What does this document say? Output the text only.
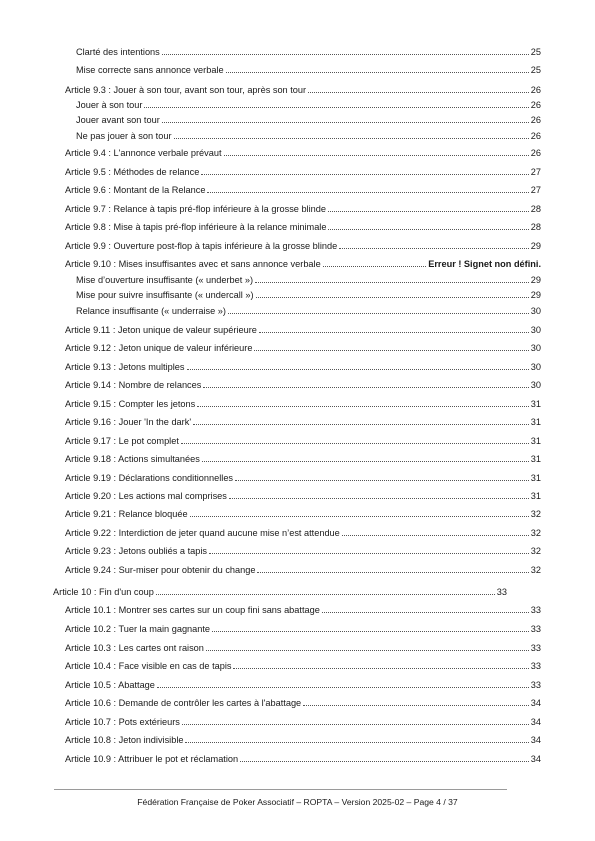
Clarté des intentions	25
Mise correcte sans annonce verbale	25
Article 9.3 : Jouer à son tour, avant son tour, après son tour	26
Jouer à son tour	26
Jouer avant son tour	26
Ne pas jouer à son tour	26
Article 9.4 : L'annonce verbale prévaut	26
Article 9.5 : Méthodes de relance	27
Article 9.6 : Montant de la Relance	27
Article 9.7 : Relance à tapis pré-flop inférieure à la grosse blinde	28
Article 9.8 : Mise à tapis pré-flop inférieure à la relance minimale	28
Article 9.9 : Ouverture post-flop à tapis inférieure à la grosse blinde	29
Article 9.10 : Mises insuffisantes avec et sans annonce verbale	Erreur ! Signet non défini.
Mise d’ouverture insuffisante (« underbet »)	29
Mise pour suivre insuffisante (« undercall »)	29
Relance insuffisante (« underraise »)	30
Article 9.11 : Jeton unique de valeur supérieure	30
Article 9.12 : Jeton unique de valeur inférieure	30
Article 9.13 : Jetons multiples	30
Article 9.14 : Nombre de relances	30
Article 9.15 : Compter les jetons	31
Article 9.16 : Jouer 'In the dark'	31
Article 9.17 : Le pot complet	31
Article 9.18 : Actions simultanées	31
Article 9.19 : Déclarations conditionnelles	31
Article 9.20 : Les actions mal comprises	31
Article 9.21 : Relance bloquée	32
Article 9.22 : Interdiction de jeter quand aucune mise n’est attendue	32
Article 9.23 : Jetons oubliés a tapis	32
Article 9.24 : Sur-miser pour obtenir du change	32
Article 10 : Fin d'un coup	33
Article 10.1 : Montrer ses cartes sur un coup fini sans abattage	33
Article 10.2 : Tuer la main gagnante	33
Article 10.3 : Les cartes ont raison	33
Article 10.4 : Face visible en cas de tapis	33
Article 10.5 : Abattage	33
Article 10.6 : Demande de contrôler les cartes à l'abattage	34
Article 10.7 : Pots extérieurs	34
Article 10.8 : Jeton indivisible	34
Article 10.9 : Attribuer le pot et réclamation	34
Fédération Française de Poker Associatif – ROPTA – Version 2025-02 – Page 4 / 37
